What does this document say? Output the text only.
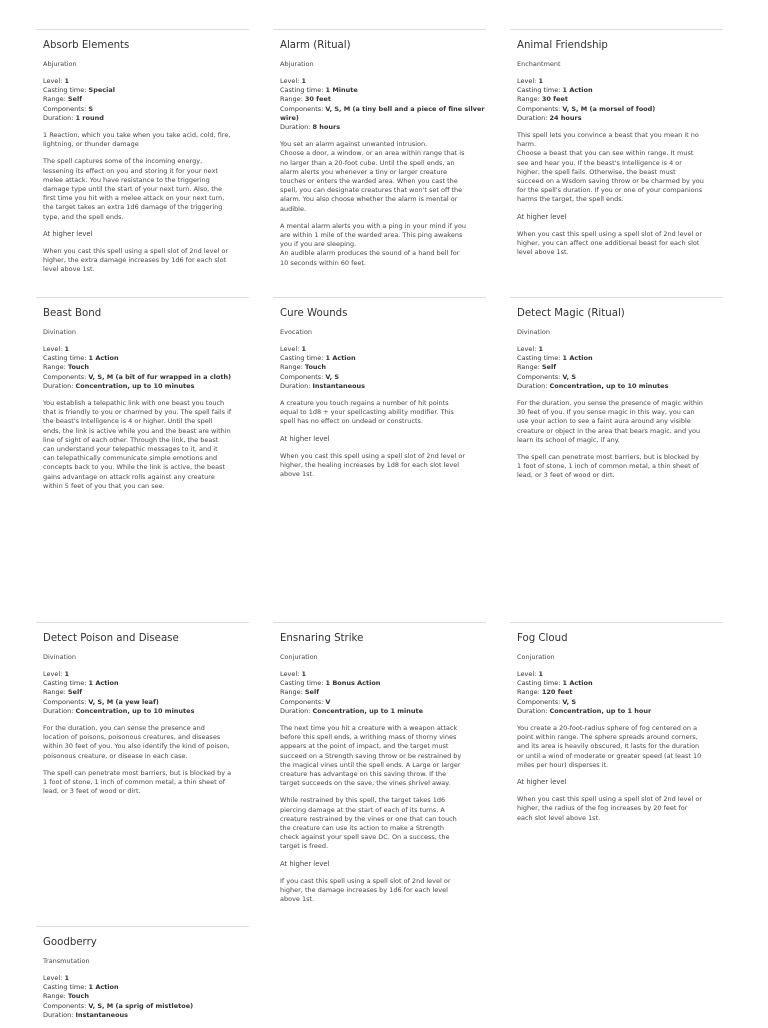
Absorb Elements
Abjuration
Level: 1
Casting time: Special
Range: Self
Components: S
Duration: 1 round
1 Reaction, which you take when you take acid, cold, fire,
lightning, or thunder damage
The spell captures some of the incoming energy,
lessening its effect on you and storing it for your next
melee attack. You have resistance to the triggering
damage type until the start of your next turn. Also, the
first time you hit with a melee attack on your next turn,
the target takes an extra 1d6 damage of the triggering
type, and the spell ends.
At higher level
When you cast this spell using a spell slot of 2nd level or
higher, the extra damage increases by 1d6 for each slot
level above 1st.
Alarm (Ritual)
Abjuration
Level: 1
Casting time: 1 Minute
Range: 30 feet
Components: V, S, M (a tiny bell and a piece of fine silver wire)
Duration: 8 hours
You set an alarm against unwanted intrusion.
Choose a door, a window, or an area within range that is
no larger than a 20-foot cube. Until the spell ends, an
alarm alerts you whenever a tiny or larger creature
touches or enters the warded area. When you cast the
spell, you can designate creatures that won't set off the
alarm. You also choose whether the alarm is mental or
audible.
A mental alarm alerts you with a ping in your mind if you
are within 1 mile of the warded area. This ping awakens
you if you are sleeping.
An audible alarm produces the sound of a hand bell for
10 seconds within 60 feet.
Animal Friendship
Enchantment
Level: 1
Casting time: 1 Action
Range: 30 feet
Components: V, S, M (a morsel of food)
Duration: 24 hours
This spell lets you convince a beast that you mean it no
harm.
Choose a beast that you can see within range. It must
see and hear you. If the beast's Intelligence is 4 or
higher, the spell fails. Otherwise, the beast must
succeed on a Wsdom saving throw or be charmed by you
for the spell's duration. If you or one of your companions
harms the target, the spell ends.
At higher level
When you cast this spell using a spell slot of 2nd level or
higher, you can affect one additional beast for each slot
level above 1st.
Beast Bond
Divination
Level: 1
Casting time: 1 Action
Range: Touch
Components: V, S, M (a bit of fur wrapped in a cloth)
Duration: Concentration, up to 10 minutes
You establish a telepathic link with one beast you touch
that is friendly to you or charmed by you. The spell fails if
the beast's Intelligence is 4 or higher. Until the spell
ends, the link is active while you and the beast are within
line of sight of each other. Through the link, the beast
can understand your telepathic messages to it, and it
can telepathically communicate simple emotions and
concepts back to you. While the link is active, the beast
gains advantage on attack rolls against any creature
within 5 feet of you that you can see.
Cure Wounds
Evocation
Level: 1
Casting time: 1 Action
Range: Touch
Components: V, S
Duration: Instantaneous
A creature you touch regains a number of hit points
equal to 1d8 + your spellcasting ability modifier. This
spell has no effect on undead or constructs.
At higher level
When you cast this spell using a spell slot of 2nd level or
higher, the healing increases by 1d8 for each slot level
above 1st.
Detect Magic (Ritual)
Divination
Level: 1
Casting time: 1 Action
Range: Self
Components: V, S
Duration: Concentration, up to 10 minutes
For the duration, you sense the presence of magic within
30 feet of you. If you sense magic in this way, you can
use your action to see a faint aura around any visible
creature or object in the area that bears magic, and you
learn its school of magic, if any.
The spell can penetrate most barriers, but is blocked by
1 foot of stone, 1 inch of common metal, a thin sheet of
lead, or 3 feet of wood or dirt.
Detect Poison and Disease
Divination
Level: 1
Casting time: 1 Action
Range: Self
Components: V, S, M (a yew leaf)
Duration: Concentration, up to 10 minutes
For the duration, you can sense the presence and
location of poisons, poisonous creatures, and diseases
within 30 feet of you. You also identify the kind of poison,
poisonous creature, or disease in each case.
The spell can penetrate most barriers, but is blocked by a
1 foot of stone, 1 inch of common metal, a thin sheet of
lead, or 3 feet of wood or dirt.
Ensnaring Strike
Conjuration
Level: 1
Casting time: 1 Bonus Action
Range: Self
Components: V
Duration: Concentration, up to 1 minute
The next time you hit a creature with a weapon attack
before this spell ends, a writhing mass of thorny vines
appears at the point of impact, and the target must
succeed on a Strength saving throw or be restrained by
the magical vines until the spell ends. A Large or larger
creature has advantage on this saving throw. If the
target succeeds on the save, the vines shrivel away.
While restrained by this spell, the target takes 1d6
piercing damage at the start of each of its turns. A
creature restrained by the vines or one that can touch
the creature can use its action to make a Strength
check against your spell save DC. On a success, the
target is freed.
At higher level
If you cast this spell using a spell slot of 2nd level or
higher, the damage increases by 1d6 for each level
above 1st.
Fog Cloud
Conjuration
Level: 1
Casting time: 1 Action
Range: 120 feet
Components: V, S
Duration: Concentration, up to 1 hour
You create a 20-foot-radius sphere of fog centered on a
point within range. The sphere spreads around corners,
and its area is heavily obscured, It lasts for the duration
or until a wind of moderate or greater speed (at least 10
miles per hour) disperses it.
At higher level
When you cast this spell using a spell slot of 2nd level or
higher, the radius of the fog increases by 20 feet for
each slot level above 1st.
Goodberry
Transmutation
Level: 1
Casting time: 1 Action
Range: Touch
Components: V, S, M (a sprig of mistletoe)
Duration: Instantaneous
